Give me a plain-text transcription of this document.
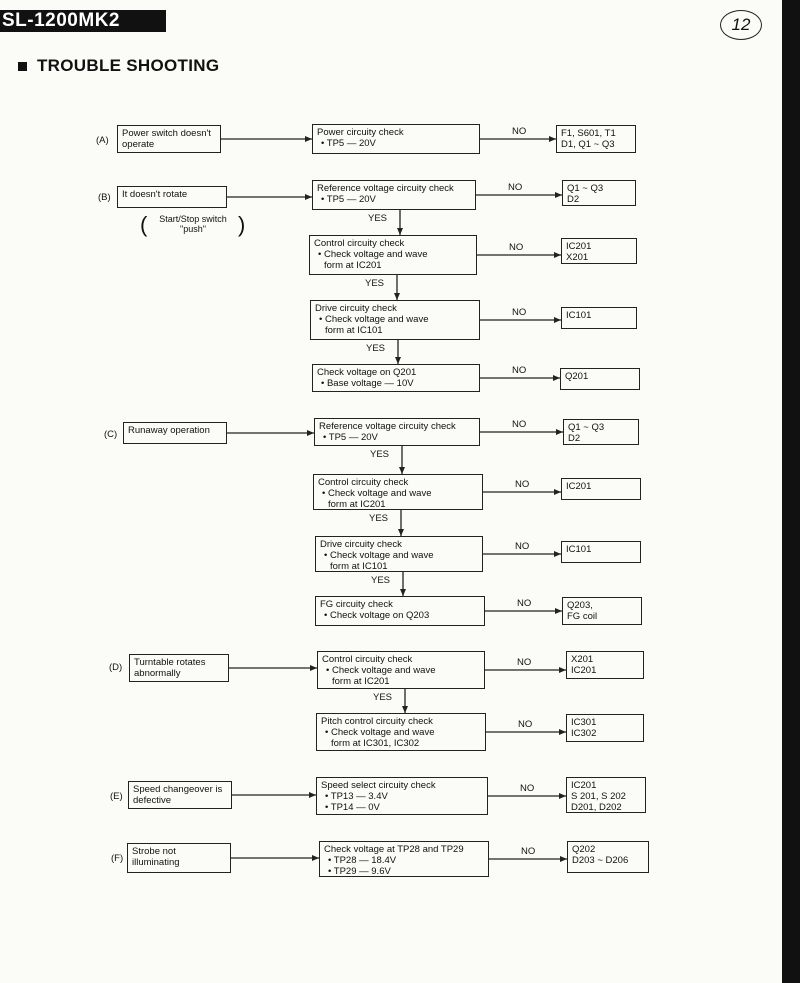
SL-1200MK2	12
TROUBLE SHOOTING
(A)
Power switch doesn't
operate
Power circuity check
• TP5 — 20V
F1, S601, T1
D1, Q1 ~ Q3
NO
(B) It doesn't rotate
Start/Stop switch
"push"
(	)
Reference voltage circuity check
• TP5 — 20V
Q1 ~ Q3
D2
NO
YES
Control circuity check
• Check voltage and wave
form at IC201
IC201
X201
NO
YES
Drive circuity check
• Check voltage and wave
form at IC101
IC101
NO
YES
Check voltage on Q201
• Base voltage — 10V
Q201
NO
(C) Runaway operation	Reference voltage circuity check
• TP5 — 20V
Q1 ~ Q3
D2
NO
YES
Control circuity check
• Check voltage and wave
form at IC201
IC201
NO
YES
Drive circuity check
• Check voltage and wave
form at IC101
IC101
NO
YES
FG circuity check
• Check voltage on Q203
Q203,
FG coil
NO
(D) Turntable rotates
abnormally
Control circuity check
• Check voltage and wave
form at IC201
X201
IC201
NO
YES
Pitch control circuity check
• Check voltage and wave
form at IC301, IC302
IC301
IC302
NO
(E)
Speed changeover is
defective
Speed select circuity check
• TP13 — 3.4V
• TP14 — 0V
IC201
S 201, S 202
D201, D202
NO
(F)
Strobe not
illuminating
Check voltage at TP28 and TP29
• TP28 — 18.4V
• TP29 — 9.6V
Q202
D203 ~ D206
NO
